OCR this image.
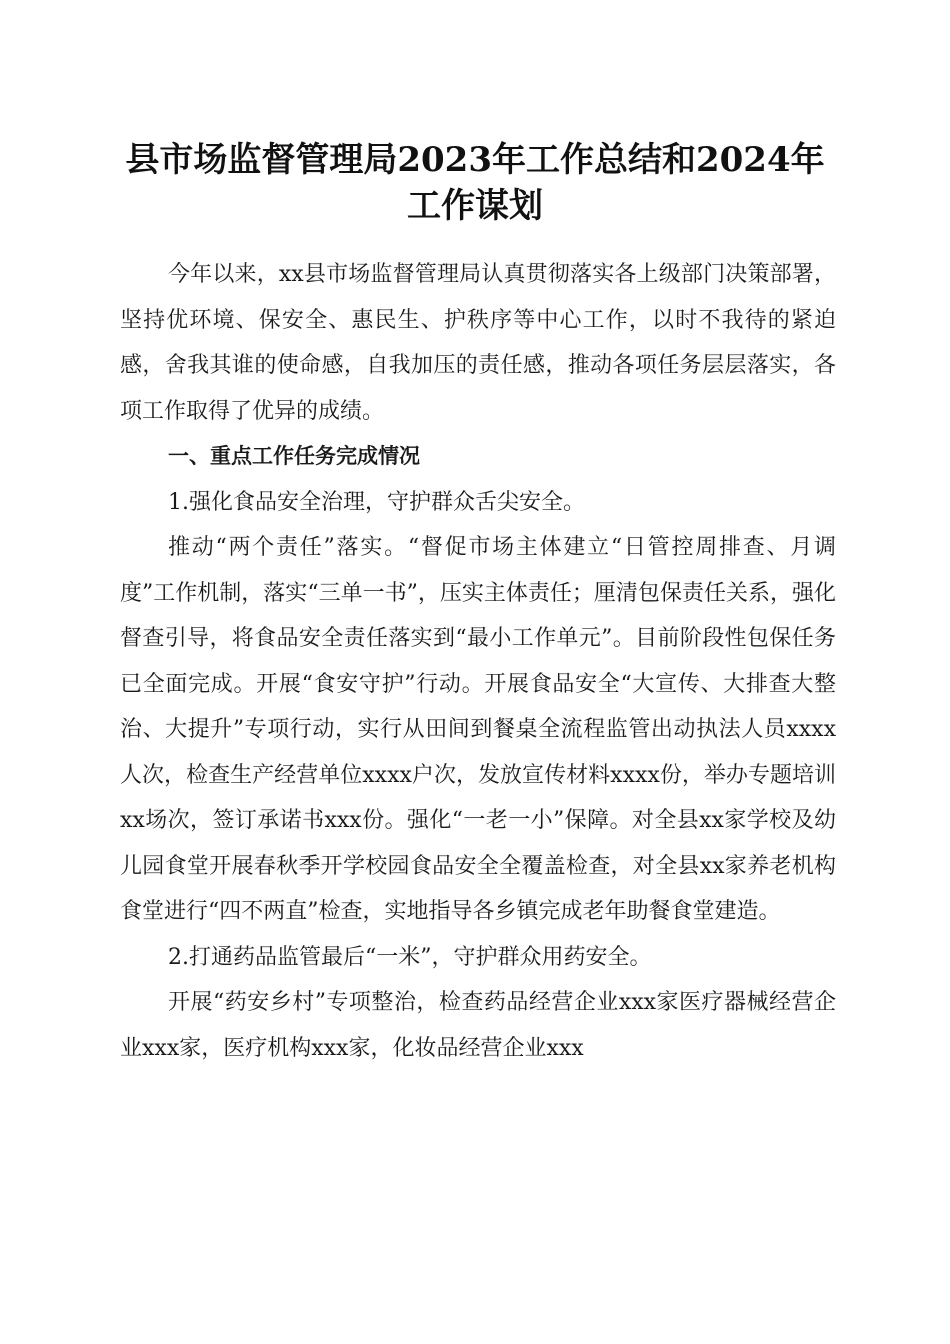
县市场监督管理局2023年工作总结和2024年
工作谋划

今年以来，xx县市场监督管理局认真贯彻落实各上级部门决策部署，坚持优环境、保安全、惠民生、护秩序等中心工作，以时不我待的紧迫感，舍我其谁的使命感，自我加压的责任感，推动各项任务层层落实，各项工作取得了优异的成绩。

一、重点工作任务完成情况

1.强化食品安全治理，守护群众舌尖安全。

推动“两个责任”落实。“督促市场主体建立“日管控周排查、月调度”工作机制，落实“三单一书”，压实主体责任；厘清包保责任关系，强化督查引导，将食品安全责任落实到“最小工作单元”。目前阶段性包保任务已全面完成。开展“食安守护”行动。开展食品安全“大宣传、大排查大整治、大提升”专项行动，实行从田间到餐桌全流程监管出动执法人员xxxx人次，检查生产经营单位xxxx户次，发放宣传材料xxxx份，举办专题培训xx场次，签订承诺书xxx份。强化“一老一小”保障。对全县xx家学校及幼儿园食堂开展春秋季开学校园食品安全全覆盖检查，对全县xx家养老机构食堂进行“四不两直”检查，实地指导各乡镇完成老年助餐食堂建造。

2.打通药品监管最后“一米”，守护群众用药安全。

开展“药安乡村”专项整治，检查药品经营企业xxx家医疗器械经营企业xxx家，医疗机构xxx家，化妆品经营企业xxx
